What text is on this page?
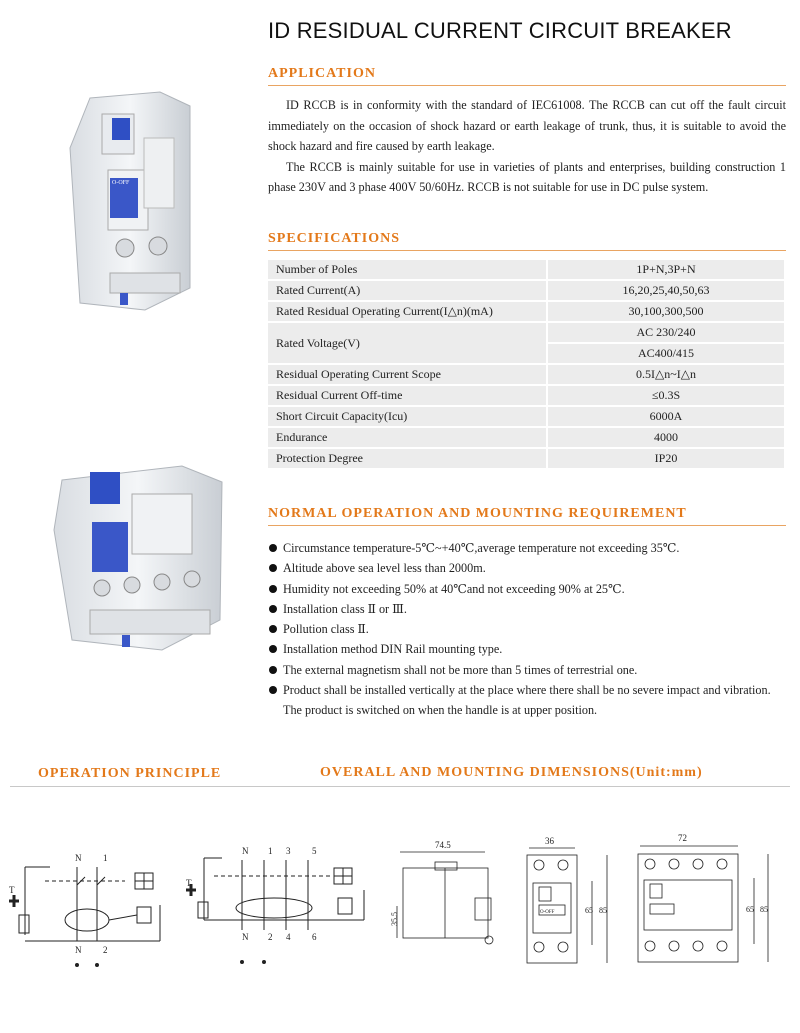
ID RESIDUAL CURRENT CIRCUIT BREAKER
O-OFF
APPLICATION

ID RCCB is in conformity with the standard of IEC61008. The RCCB can cut off the fault circuit immediately on the occasion of shock hazard or earth leakage of trunk, thus, it is suitable to avoid the shock hazard and fire caused by earth leakage.

The RCCB is mainly suitable for use in varieties of plants and enterprises, building construction 1 phase 230V and 3 phase 400V 50/60Hz. RCCB is not suitable for use in DC pulse system.

SPECIFICATIONS
Number of Poles	1P+N,3P+N
Rated Current(A)	16,20,25,40,50,63
Rated Residual Operating Current(I△n)(mA)	30,100,300,500
Rated Voltage(V)	AC 230/240
	AC400/415
Residual Operating Current Scope	0.5I△n~I△n
Residual Current Off-time	≤0.3S
Short Circuit Capacity(Icu)	6000A
Endurance	4000
Protection Degree	IP20
NORMAL OPERATION AND MOUNTING REQUIREMENT
Circumstance temperature-5℃~+40℃,average temperature not exceeding 35℃.
Altitude above sea level less than 2000m.
Humidity not exceeding 50% at 40℃and not exceeding 90% at 25℃.
Installation class Ⅱ or Ⅲ.
Pollution class Ⅱ.
Installation method DIN Rail mounting type.
The external magnetism shall not be more than 5 times of terrestrial one.
Product shall be installed vertically at the place where there shall be no severe impact and vibration. The product is switched on when the handle is at upper position.
OPERATION PRINCIPLE	OVERALL AND MOUNTING DIMENSIONS(Unit:mm)
N 1
T
N 2
N 1 3 5
T
N 2 4 6
74.5
35.5
36
O-OFF	65 85
72
65 85
